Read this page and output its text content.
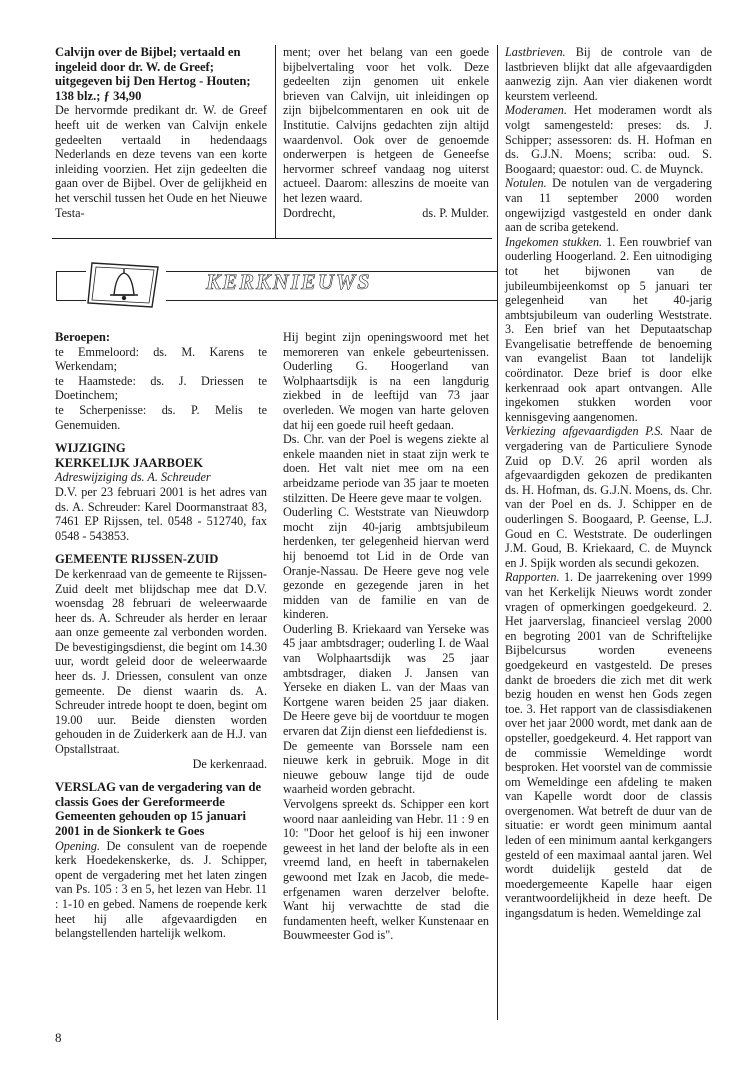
Calvijn over de Bijbel; vertaald en ingeleid door dr. W. de Greef; uitgegeven bij Den Hertog - Houten; 138 blz.; ƒ 34,90

De hervormde predikant dr. W. de Greef heeft uit de werken van Calvijn enkele gedeelten vertaald in hedendaags Nederlands en deze tevens van een korte inleiding voorzien. Het zijn gedeelten die gaan over de Bijbel. Over de gelijkheid en het verschil tussen het Oude en het Nieuwe Testa-

ment; over het belang van een goede bijbelvertaling voor het volk. Deze gedeelten zijn genomen uit enkele brieven van Calvijn, uit inleidingen op zijn bijbelcommentaren en ook uit de Institutie. Calvijns gedachten zijn altijd waardenvol. Ook over de genoemde onderwerpen is hetgeen de Geneefse hervormer schreef vandaag nog uiterst actueel. Daarom: alleszins de moeite van het lezen waard.

Dordrecht,	ds. P. Mulder.

KERKNIEUWS

Beroepen:

te Emmeloord: ds. M. Karens te Werkendam;

te Haamstede: ds. J. Driessen te Doetinchem;

te Scherpenisse: ds. P. Melis te Genemuiden.

WIJZIGING

KERKELIJK JAARBOEK

Adreswijziging ds. A. Schreuder

D.V. per 23 februari 2001 is het adres van ds. A. Schreuder: Karel Doormanstraat 83, 7461 EP Rijssen, tel. 0548 - 512740, fax 0548 - 543853.

GEMEENTE RIJSSEN-ZUID

De kerkenraad van de gemeente te Rijssen-Zuid deelt met blijdschap mee dat D.V. woensdag 28 februari de weleerwaarde heer ds. A. Schreuder als herder en leraar aan onze gemeente zal verbonden worden. De bevestigingsdienst, die begint om 14.30 uur, wordt geleid door de weleerwaarde heer ds. J. Driessen, consulent van onze gemeente. De dienst waarin ds. A. Schreuder intrede hoopt te doen, begint om 19.00 uur. Beide diensten worden gehouden in de Zuiderkerk aan de H.J. van Opstallstraat.

De kerkenraad.

VERSLAG van de vergadering van de classis Goes der Gereformeerde Gemeenten gehouden op 15 januari 2001 in de Sionkerk te Goes

Opening. De consulent van de roepende kerk Hoedekenskerke, ds. J. Schipper, opent de vergadering met het laten zingen van Ps. 105 : 3 en 5, het lezen van Hebr. 11 : 1-10 en gebed. Namens de roepende kerk heet hij alle afgevaardigden en belangstellenden hartelijk welkom.

Hij begint zijn openingswoord met het memoreren van enkele gebeurtenissen. Ouderling G. Hoogerland van Wolphaartsdijk is na een langdurig ziekbed in de leeftijd van 73 jaar overleden. We mogen van harte geloven dat hij een goede ruil heeft gedaan.

Ds. Chr. van der Poel is wegens ziekte al enkele maanden niet in staat zijn werk te doen. Het valt niet mee om na een arbeidzame periode van 35 jaar te moeten stilzitten. De Heere geve maar te volgen.

Ouderling C. Weststrate van Nieuwdorp mocht zijn 40-jarig ambtsjubileum herdenken, ter gelegenheid hiervan werd hij benoemd tot Lid in de Orde van Oranje-Nassau. De Heere geve nog vele gezonde en gezegende jaren in het midden van de familie en van de kinderen.

Ouderling B. Kriekaard van Yerseke was 45 jaar ambtsdrager; ouderling I. de Waal van Wolphaartsdijk was 25 jaar ambtsdrager, diaken J. Jansen van Yerseke en diaken L. van der Maas van Kortgene waren beiden 25 jaar diaken. De Heere geve bij de voortduur te mogen ervaren dat Zijn dienst een liefdedienst is.

De gemeente van Borssele nam een nieuwe kerk in gebruik. Moge in dit nieuwe gebouw lange tijd de oude waarheid worden gebracht.

Vervolgens spreekt ds. Schipper een kort woord naar aanleiding van Hebr. 11 : 9 en 10: "Door het geloof is hij een inwoner geweest in het land der belofte als in een vreemd land, en heeft in tabernakelen gewoond met Izak en Jacob, die mede-erfgenamen waren derzelver belofte. Want hij verwachtte de stad die fundamenten heeft, welker Kunstenaar en Bouwmeester God is".

Lastbrieven. Bij de controle van de lastbrieven blijkt dat alle afgevaardigden aanwezig zijn. Aan vier diakenen wordt keurstem verleend.

Moderamen. Het moderamen wordt als volgt samengesteld: preses: ds. J. Schipper; assessoren: ds. H. Hofman en ds. G.J.N. Moens; scriba: oud. S. Boogaard; quaestor: oud. C. de Muynck.

Notulen. De notulen van de vergadering van 11 september 2000 worden ongewijzigd vastgesteld en onder dank aan de scriba getekend.

Ingekomen stukken. 1. Een rouwbrief van ouderling Hoogerland. 2. Een uitnodiging tot het bijwonen van de jubileumbijeenkomst op 5 januari ter gelegenheid van het 40-jarig ambtsjubileum van ouderling Weststrate. 3. Een brief van het Deputaatschap Evangelisatie betreffende de benoeming van evangelist Baan tot landelijk coördinator. Deze brief is door elke kerkenraad ook apart ontvangen. Alle ingekomen stukken worden voor kennisgeving aangenomen.

Verkiezing afgevaardigden P.S. Naar de vergadering van de Particuliere Synode Zuid op D.V. 26 april worden als afgevaardigden gekozen de predikanten ds. H. Hofman, ds. G.J.N. Moens, ds. Chr. van der Poel en ds. J. Schipper en de ouderlingen S. Boogaard, P. Geense, L.J. Goud en C. Weststrate. De ouderlingen J.M. Goud, B. Kriekaard, C. de Muynck en J. Spijk worden als secundi gekozen.

Rapporten. 1. De jaarrekening over 1999 van het Kerkelijk Nieuws wordt zonder vragen of opmerkingen goedgekeurd. 2. Het jaarverslag, financieel verslag 2000 en begroting 2001 van de Schriftelijke Bijbelcursus worden eveneens goedgekeurd en vastgesteld. De preses dankt de broeders die zich met dit werk bezig houden en wenst hen Gods zegen toe. 3. Het rapport van de classisdiakenen over het jaar 2000 wordt, met dank aan de opsteller, goedgekeurd. 4. Het rapport van de commissie Wemeldinge wordt besproken. Het voorstel van de commissie om Wemeldinge een afdeling te maken van Kapelle wordt door de classis overgenomen. Wat betreft de duur van de situatie: er wordt geen minimum aantal leden of een minimum aantal kerkgangers gesteld of een maximaal aantal jaren. Wel wordt duidelijk gesteld dat de moedergemeente Kapelle haar eigen verantwoordelijkheid in deze heeft. De ingangsdatum is heden. Wemeldinge zal

8
